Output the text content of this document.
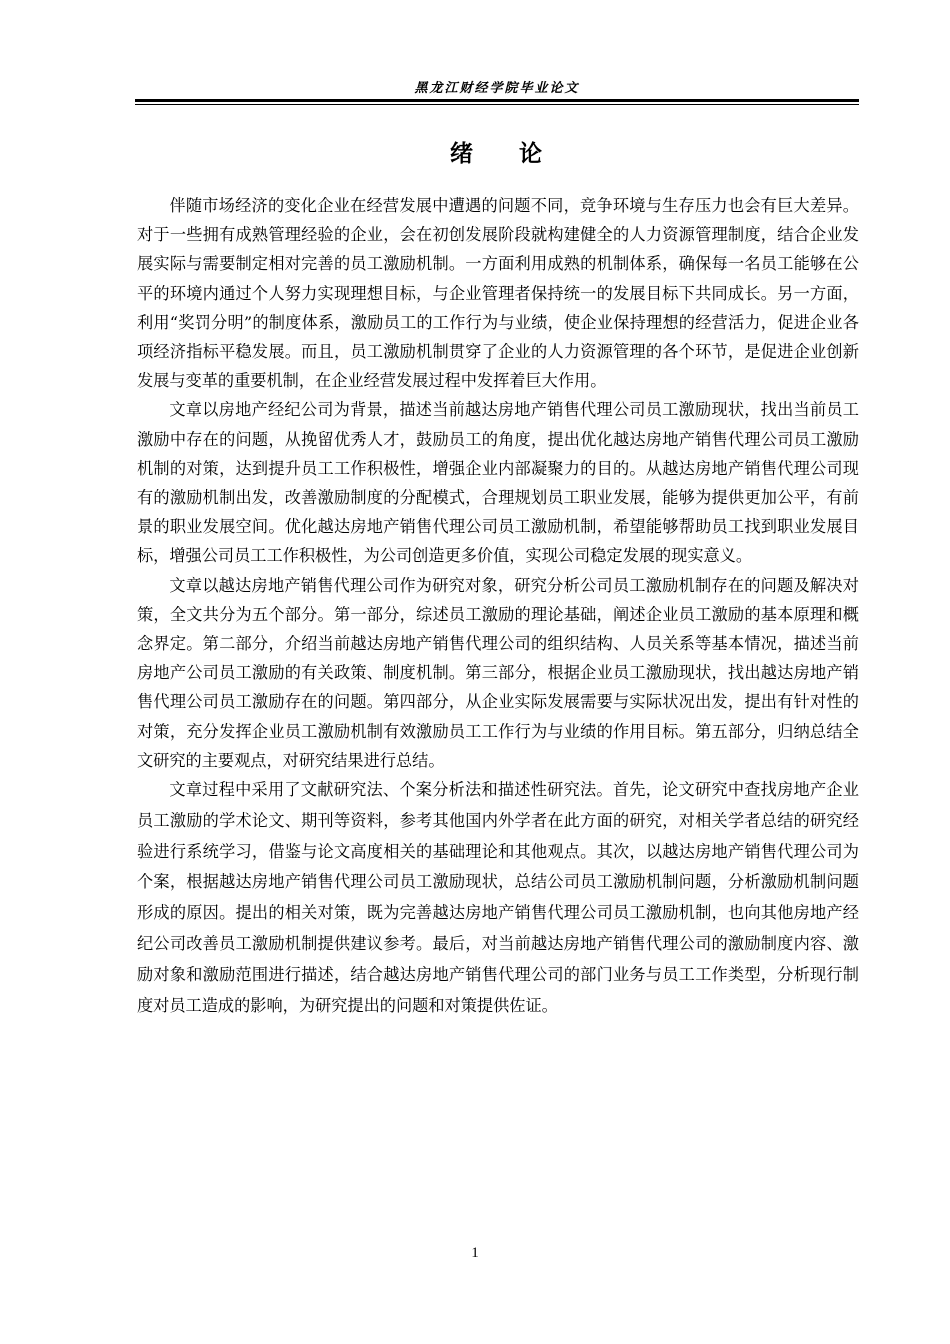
黑龙江财经学院毕业论文
绪 论

伴随市场经济的变化企业在经营发展中遭遇的问题不同，竞争环境与生存压力也会有巨大差异。对于一些拥有成熟管理经验的企业，会在初创发展阶段就构建健全的人力资源管理制度，结合企业发展实际与需要制定相对完善的员工激励机制。一方面利用成熟的机制体系，确保每一名员工能够在公平的环境内通过个人努力实现理想目标，与企业管理者保持统一的发展目标下共同成长。另一方面，利用“奖罚分明”的制度体系，激励员工的工作行为与业绩，使企业保持理想的经营活力，促进企业各项经济指标平稳发展。而且，员工激励机制贯穿了企业的人力资源管理的各个环节，是促进企业创新发展与变革的重要机制，在企业经营发展过程中发挥着巨大作用。

文章以房地产经纪公司为背景，描述当前越达房地产销售代理公司员工激励现状，找出当前员工激励中存在的问题，从挽留优秀人才，鼓励员工的角度，提出优化越达房地产销售代理公司员工激励机制的对策，达到提升员工工作积极性，增强企业内部凝聚力的目的。从越达房地产销售代理公司现有的激励机制出发，改善激励制度的分配模式，合理规划员工职业发展，能够为提供更加公平，有前景的职业发展空间。优化越达房地产销售代理公司员工激励机制，希望能够帮助员工找到职业发展目标，增强公司员工工作积极性，为公司创造更多价值，实现公司稳定发展的现实意义。

文章以越达房地产销售代理公司作为研究对象，研究分析公司员工激励机制存在的问题及解决对策，全文共分为五个部分。第一部分，综述员工激励的理论基础，阐述企业员工激励的基本原理和概念界定。第二部分，介绍当前越达房地产销售代理公司的组织结构、人员关系等基本情况，描述当前房地产公司员工激励的有关政策、制度机制。第三部分，根据企业员工激励现状，找出越达房地产销售代理公司员工激励存在的问题。第四部分，从企业实际发展需要与实际状况出发，提出有针对性的对策，充分发挥企业员工激励机制有效激励员工工作行为与业绩的作用目标。第五部分，归纳总结全文研究的主要观点，对研究结果进行总结。

文章过程中采用了文献研究法、个案分析法和描述性研究法。首先，论文研究中查找房地产企业员工激励的学术论文、期刊等资料，参考其他国内外学者在此方面的研究，对相关学者总结的研究经验进行系统学习，借鉴与论文高度相关的基础理论和其他观点。其次，以越达房地产销售代理公司为个案，根据越达房地产销售代理公司员工激励现状，总结公司员工激励机制问题，分析激励机制问题形成的原因。提出的相关对策，既为完善越达房地产销售代理公司员工激励机制，也向其他房地产经纪公司改善员工激励机制提供建议参考。最后，对当前越达房地产销售代理公司的激励制度内容、激励对象和激励范围进行描述，结合越达房地产销售代理公司的部门业务与员工工作类型，分析现行制度对员工造成的影响，为研究提出的问题和对策提供佐证。

1
